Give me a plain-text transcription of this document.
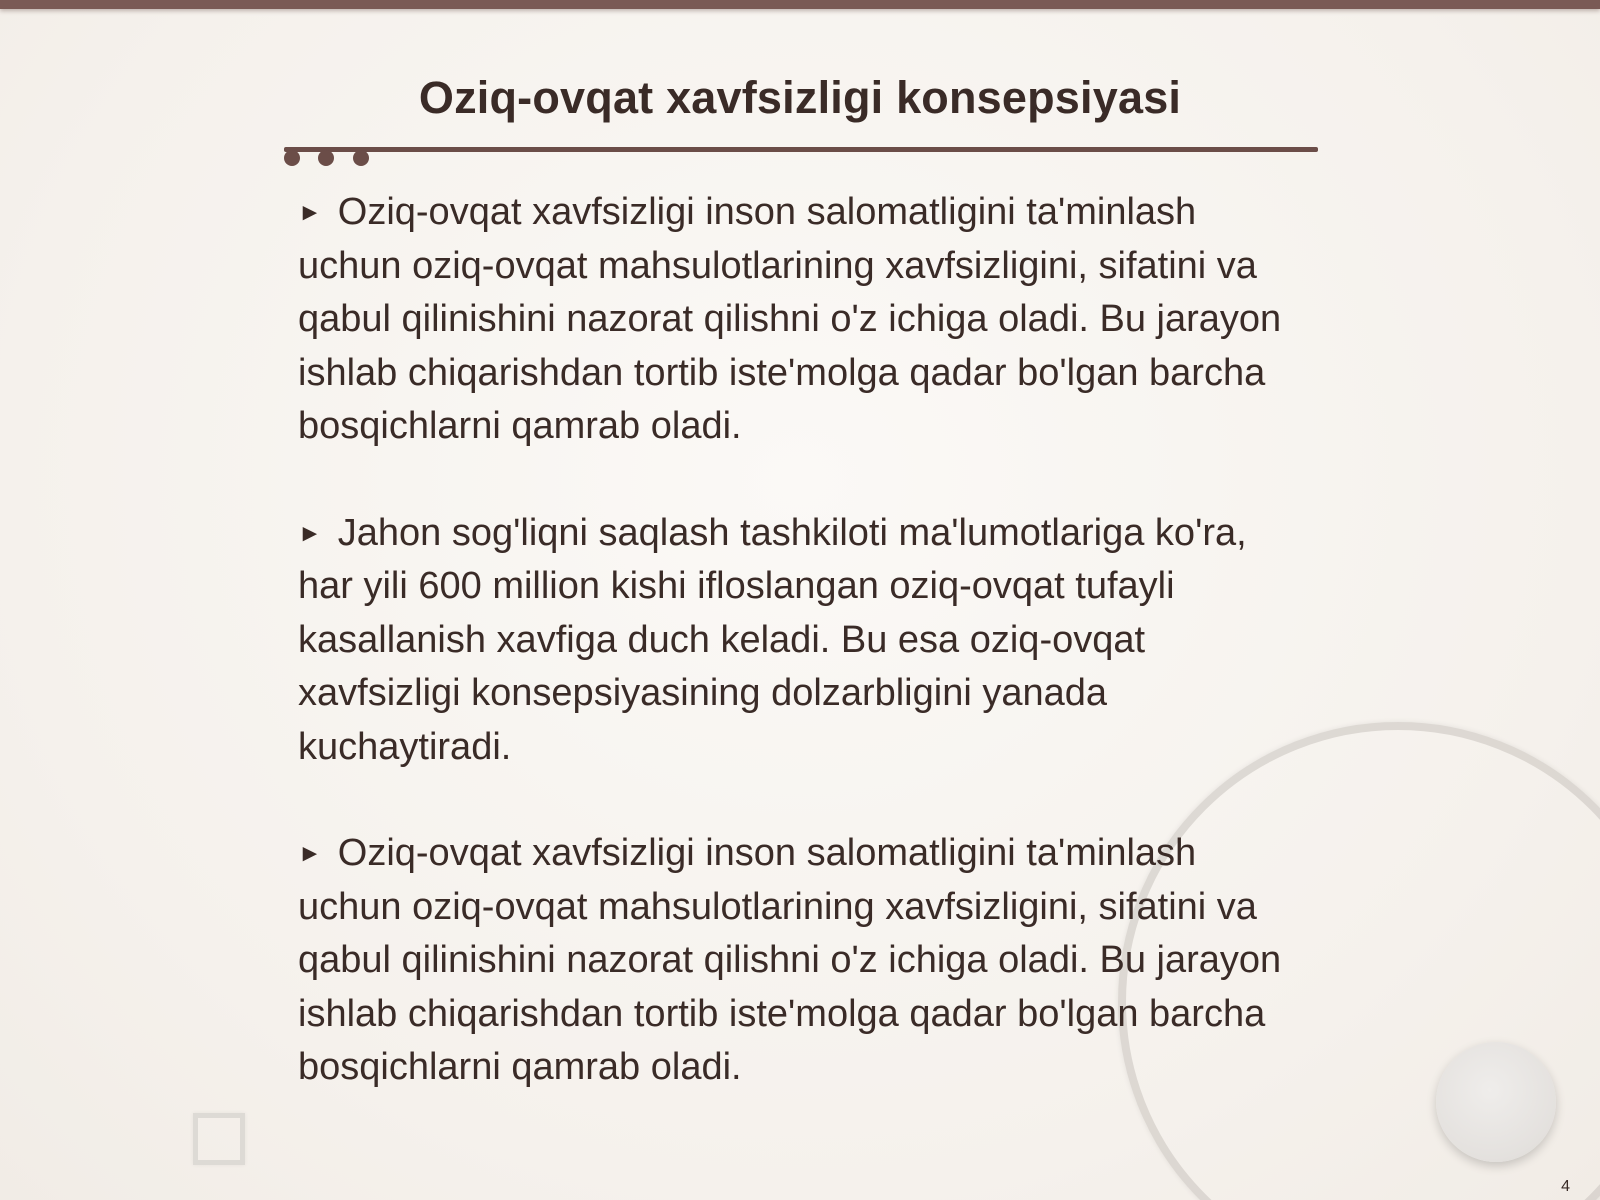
Oziq-ovqat xavfsizligi konsepsiyasi

► Oziq-ovqat xavfsizligi inson salomatligini ta'minlash uchun oziq-ovqat mahsulotlarining xavfsizligini, sifatini va qabul qilinishini nazorat qilishni o'z ichiga oladi. Bu jarayon ishlab chiqarishdan tortib iste'molga qadar bo'lgan barcha bosqichlarni qamrab oladi.

► Jahon sog'liqni saqlash tashkiloti ma'lumotlariga ko'ra, har yili 600 million kishi ifloslangan oziq-ovqat tufayli kasallanish xavfiga duch keladi. Bu esa oziq-ovqat xavfsizligi konsepsiyasining dolzarbligini yanada kuchaytiradi.

► Oziq-ovqat xavfsizligi inson salomatligini ta'minlash uchun oziq-ovqat mahsulotlarining xavfsizligini, sifatini va qabul qilinishini nazorat qilishni o'z ichiga oladi. Bu jarayon ishlab chiqarishdan tortib iste'molga qadar bo'lgan barcha bosqichlarni qamrab oladi.

4
